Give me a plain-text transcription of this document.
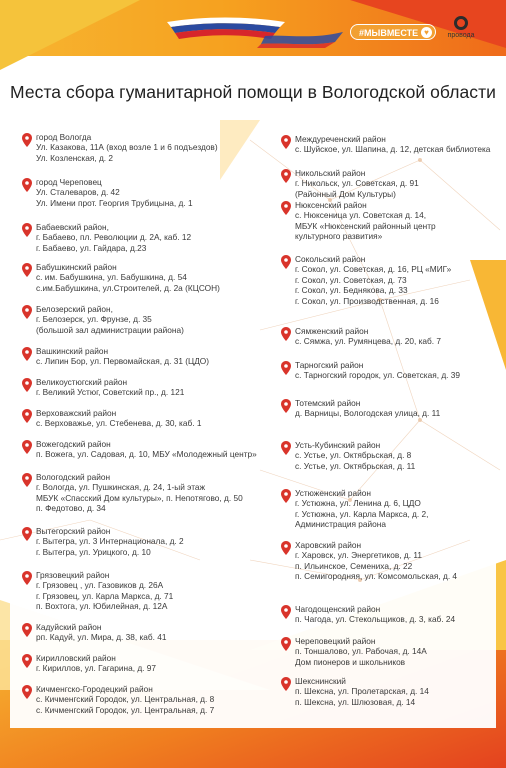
#МЫВМЕСТЕ ♥	провода
Места сбора гуманитарной помощи в Вологодской области
город Вологда
Ул. Казакова, 11А (вход возле 1 и 6 подъездов)
Ул. Козленская, д. 2
город Череповец
Ул. Сталеваров, д. 42
Ул. Имени прот. Георгия Трубицына, д. 1
Бабаевский район,
г. Бабаево, пл. Революции д. 2А, каб. 12
г. Бабаево, ул. Гайдара, д.23
Бабушкинский район
с. им. Бабушкина, ул. Бабушкина, д. 54
с.им.Бабушкина, ул.Строителей, д. 2а (КЦСОН)
Белозерский район,
г. Белозерск, ул. Фрунзе, д. 35
(большой зал администрации района)
Вашкинский район
с. Липин Бор, ул. Первомайская, д. 31 (ЦДО)
Великоустюгский район
г. Великий Устюг, Советский пр., д. 121
Верховажский район
с. Верховажье, ул. Стебенева, д. 30, каб. 1
Вожегодский район
п. Вожега, ул. Садовая, д. 10, МБУ «Молодежный центр»
Вологодский район
г. Вологда, ул. Пушкинская, д. 24, 1-ый этаж
МБУК «Спасский Дом культуры», п. Непотягово, д. 50
п. Федотово, д. 34
Вытегорский район
г. Вытегра, ул. 3 Интернационала, д. 2
г. Вытегра, ул. Урицкого, д. 10
Грязовецкий район
г. Грязовец , ул. Газовиков д. 26А
г. Грязовец, ул. Карла Маркса, д. 71
п. Вохтога, ул. Юбилейная, д. 12А
Кадуйский район
рп. Кадуй, ул. Мира, д. 38, каб. 41
Кирилловский район
г. Кириллов, ул. Гагарина, д. 97
Кичменгско-Городецкий район
с. Кичменгский Городок, ул. Центральная, д. 8
с. Кичменгский Городок, ул. Центральная, д. 7
Междуреченский район
с. Шуйское, ул. Шапина, д. 12, детская библиотека
Никольский район
г. Никольск, ул. Советская, д. 91
(Районный Дом Культуры)
Нюксенский район
с. Нюксеница ул. Советская д. 14,
МБУК «Нюксенский районный центр
культурного развития»
Сокольский район
г. Сокол, ул. Советская, д. 16, РЦ «МИГ»
г. Сокол, ул. Советская, д. 73
г. Сокол, ул. Беднякова, д. 33
г. Сокол, ул. Производственная, д. 16
Сямженский район
с. Сямжа, ул. Румянцева, д. 20, каб. 7
Тарногский район
с. Тарногский городок, ул. Советская, д. 39
Тотемский район
д. Варницы, Вологодская улица, д. 11
Усть-Кубинский район
с. Устье, ул. Октябрьская, д. 8
с. Устье, ул. Октябрьская, д. 11
Устюженский район
г. Устюжна, ул. Ленина д. 6, ЦДО
г. Устюжна, ул. Карла Маркса, д. 2,
Администрация района
Харовский район
г. Харовск, ул. Энергетиков, д. 11
п. Ильинское, Семениха, д. 22
п. Семигородняя, ул. Комсомольская, д. 4
Чагодощенский район
п. Чагода, ул. Стекольщиков, д. 3, каб. 24
Череповецкий район
п. Тоншалово, ул. Рабочая, д. 14А
Дом пионеров и школьников
Шекснинский
п. Шексна, ул. Пролетарская, д. 14
п. Шексна, ул. Шлюзовая, д. 14
